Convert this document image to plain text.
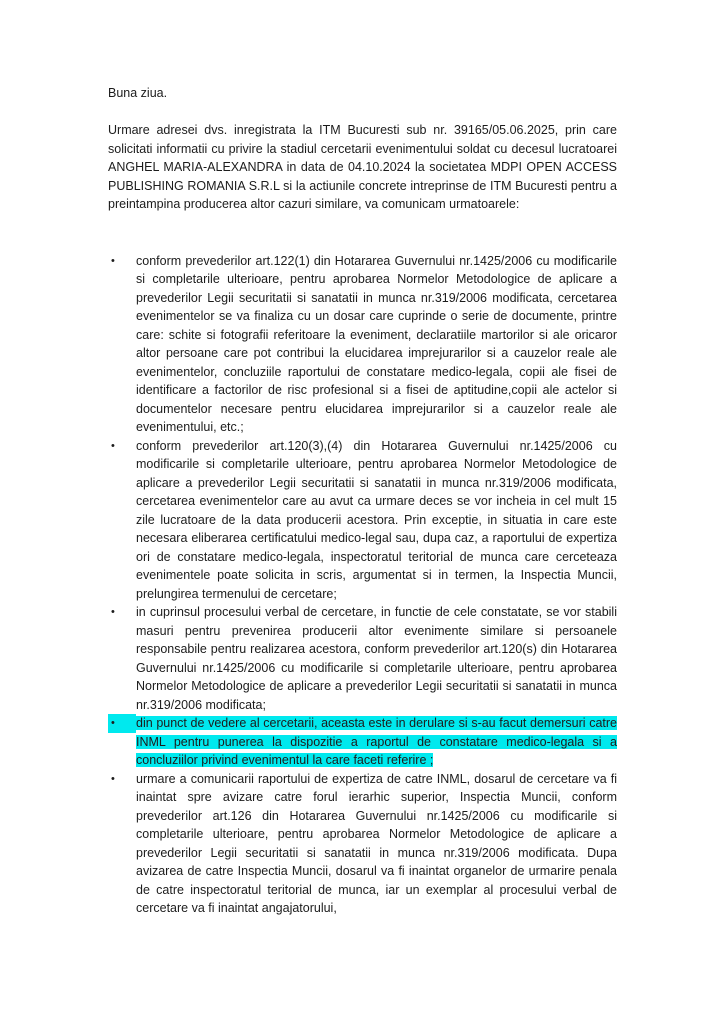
Buna ziua.

Urmare adresei dvs. inregistrata la ITM Bucuresti sub nr. 39165/05.06.2025, prin care solicitati informatii cu privire la stadiul cercetarii evenimentului soldat cu decesul lucratoarei ANGHEL MARIA-ALEXANDRA in data de 04.10.2024 la societatea MDPI OPEN ACCESS PUBLISHING ROMANIA S.R.L si la actiunile concrete intreprinse de ITM Bucuresti pentru a preintampina producerea altor cazuri similare, va comunicam urmatoarele:

•	conform prevederilor art.122(1) din Hotararea Guvernului nr.1425/2006 cu modificarile si completarile ulterioare, pentru aprobarea Normelor Metodologice de aplicare a prevederilor Legii securitatii si sanatatii in munca nr.319/2006 modificata, cercetarea evenimentelor se va finaliza cu un dosar care cuprinde o serie de documente, printre care: schite si fotografii referitoare la eveniment, declaratiile martorilor si ale oricaror altor persoane care pot contribui la elucidarea imprejurarilor si a cauzelor reale ale evenimentelor, concluziile raportului de constatare medico-legala, copii ale fisei de identificare a factorilor de risc profesional si a fisei de aptitudine,copii ale actelor si documentelor necesare pentru elucidarea imprejurarilor si a cauzelor reale ale evenimentului, etc.;
•	conform prevederilor art.120(3),(4) din Hotararea Guvernului nr.1425/2006 cu modificarile si completarile ulterioare, pentru aprobarea Normelor Metodologice de aplicare a prevederilor Legii securitatii si sanatatii in munca nr.319/2006 modificata, cercetarea evenimentelor care au avut ca urmare deces se vor incheia in cel mult 15 zile lucratoare de la data producerii acestora. Prin exceptie, in situatia in care este necesara eliberarea certificatului medico-legal sau, dupa caz, a raportului de expertiza ori de constatare medico-legala, inspectoratul teritorial de munca care cerceteaza evenimentele poate solicita in scris, argumentat si in termen, la Inspectia Muncii, prelungirea termenului de cercetare;
•	in cuprinsul procesului verbal de cercetare, in functie de cele constatate, se vor stabili masuri pentru prevenirea producerii altor evenimente similare si persoanele responsabile pentru realizarea acestora, conform prevederilor art.120(s) din Hotararea Guvernului nr.1425/2006 cu modificarile si completarile ulterioare, pentru aprobarea Normelor Metodologice de aplicare a prevederilor Legii securitatii si sanatatii in munca nr.319/2006 modificata;
•	din punct de vedere al cercetarii, aceasta este in derulare si s-au facut demersuri catre INML pentru punerea la dispozitie a raportul de constatare medico-legala si a concluziilor privind evenimentul la care faceti referire ;
•	urmare a comunicarii raportului de expertiza de catre INML, dosarul de cercetare va fi inaintat spre avizare catre forul ierarhic superior, Inspectia Muncii, conform prevederilor art.126 din Hotararea Guvernului nr.1425/2006 cu modificarile si completarile ulterioare, pentru aprobarea Normelor Metodologice de aplicare a prevederilor Legii securitatii si sanatatii in munca nr.319/2006 modificata. Dupa avizarea de catre Inspectia Muncii, dosarul va fi inaintat organelor de urmarire penala de catre inspectoratul teritorial de munca, iar un exemplar al procesului verbal de cercetare va fi inaintat angajatorului,
